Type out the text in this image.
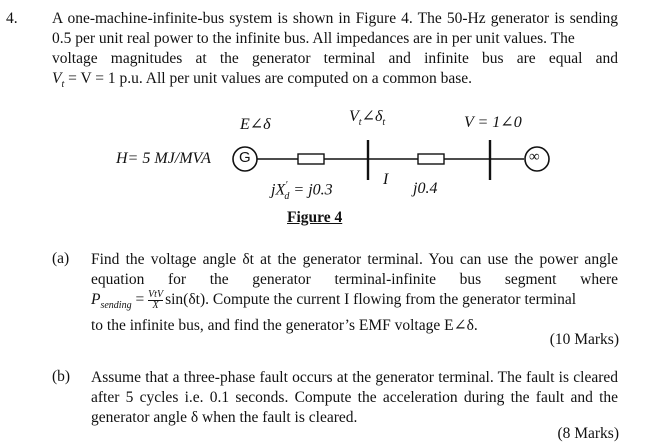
4. A one-machine-infinite-bus system is shown in Figure 4. The 50-Hz generator is sending
0.5 per unit real power to the infinite bus. All impedances are in per unit values. The
voltage magnitudes at the generator terminal and infinite bus are equal and
$V_t = V = 1$ p.u. All per unit values are computed on a common base.
E∠δ	$V_t\angle\delta_t$	V = 1∠0
H= 5 MJ/MVA G	∞
$jX'_d = j0.3$
I
j0.4
Figure 4
(a) Find the voltage angle δt at the generator terminal. You can use the power angle
equation for the generator terminal-infinite bus segment where
$P_{sending}$ = VtV
X sin(δt). Compute the current I flowing from the generator terminal
to the infinite bus, and find the generator’s EMF voltage E∠δ.
(10 Marks)
(b) Assume that a three-phase fault occurs at the generator terminal. The fault is cleared
after 5 cycles i.e. 0.1 seconds. Compute the acceleration during the fault and the
generator angle δ when the fault is cleared.
(8 Marks)
